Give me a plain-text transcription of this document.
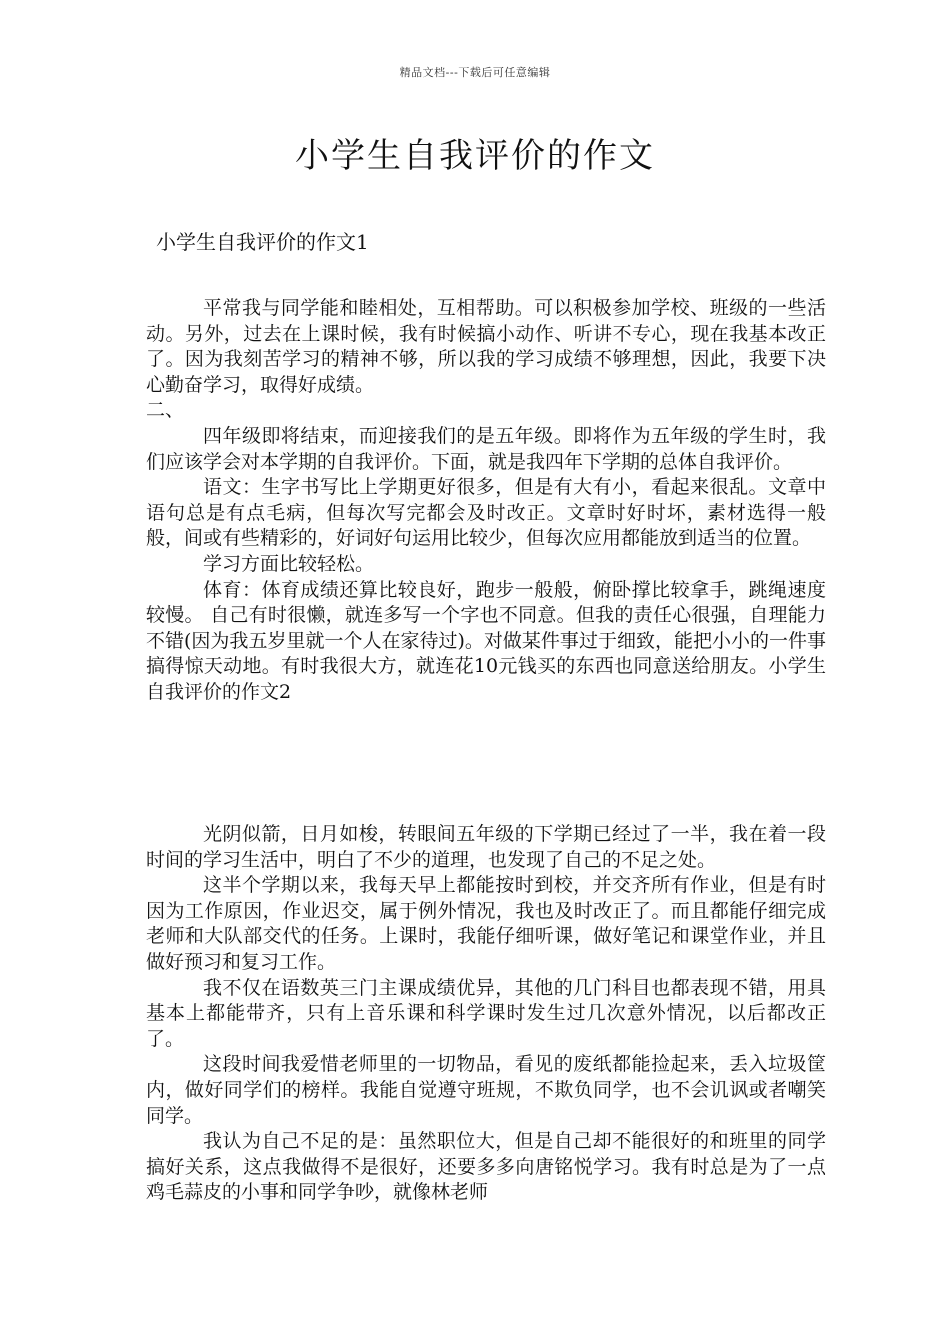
精品文档---下载后可任意编辑
小学生自我评价的作文
小学生自我评价的作文1

平常我与同学能和睦相处，互相帮助。可以积极参加学校、班级的一些活动。另外，过去在上课时候，我有时候搞小动作、听讲不专心，现在我基本改正了。因为我刻苦学习的精神不够，所以我的学习成绩不够理想，因此，我要下决心勤奋学习，取得好成绩。

二、

四年级即将结束，而迎接我们的是五年级。即将作为五年级的学生时，我们应该学会对本学期的自我评价。下面，就是我四年下学期的总体自我评价。

语文：生字书写比上学期更好很多，但是有大有小，看起来很乱。文章中语句总是有点毛病，但每次写完都会及时改正。文章时好时坏，素材选得一般般，间或有些精彩的，好词好句运用比较少，但每次应用都能放到适当的位置。

学习方面比较轻松。

体育：体育成绩还算比较良好，跑步一般般，俯卧撑比较拿手，跳绳速度较慢。 自己有时很懒，就连多写一个字也不同意。但我的责任心很强，自理能力不错(因为我五岁里就一个人在家待过)。对做某件事过于细致，能把小小的一件事搞得惊天动地。有时我很大方，就连花10元钱买的东西也同意送给朋友。小学生自我评价的作文2

光阴似箭，日月如梭，转眼间五年级的下学期已经过了一半，我在着一段时间的学习生活中，明白了不少的道理，也发现了自己的不足之处。

这半个学期以来，我每天早上都能按时到校，并交齐所有作业，但是有时因为工作原因，作业迟交，属于例外情况，我也及时改正了。而且都能仔细完成老师和大队部交代的任务。上课时，我能仔细听课，做好笔记和课堂作业，并且做好预习和复习工作。

我不仅在语数英三门主课成绩优异，其他的几门科目也都表现不错，用具基本上都能带齐，只有上音乐课和科学课时发生过几次意外情况，以后都改正了。

这段时间我爱惜老师里的一切物品，看见的废纸都能捡起来，丢入垃圾筐内，做好同学们的榜样。我能自觉遵守班规，不欺负同学，也不会讥讽或者嘲笑同学。

我认为自己不足的是：虽然职位大，但是自己却不能很好的和班里的同学搞好关系，这点我做得不是很好，还要多多向唐铭悦学习。我有时总是为了一点鸡毛蒜皮的小事和同学争吵，就像林老师
